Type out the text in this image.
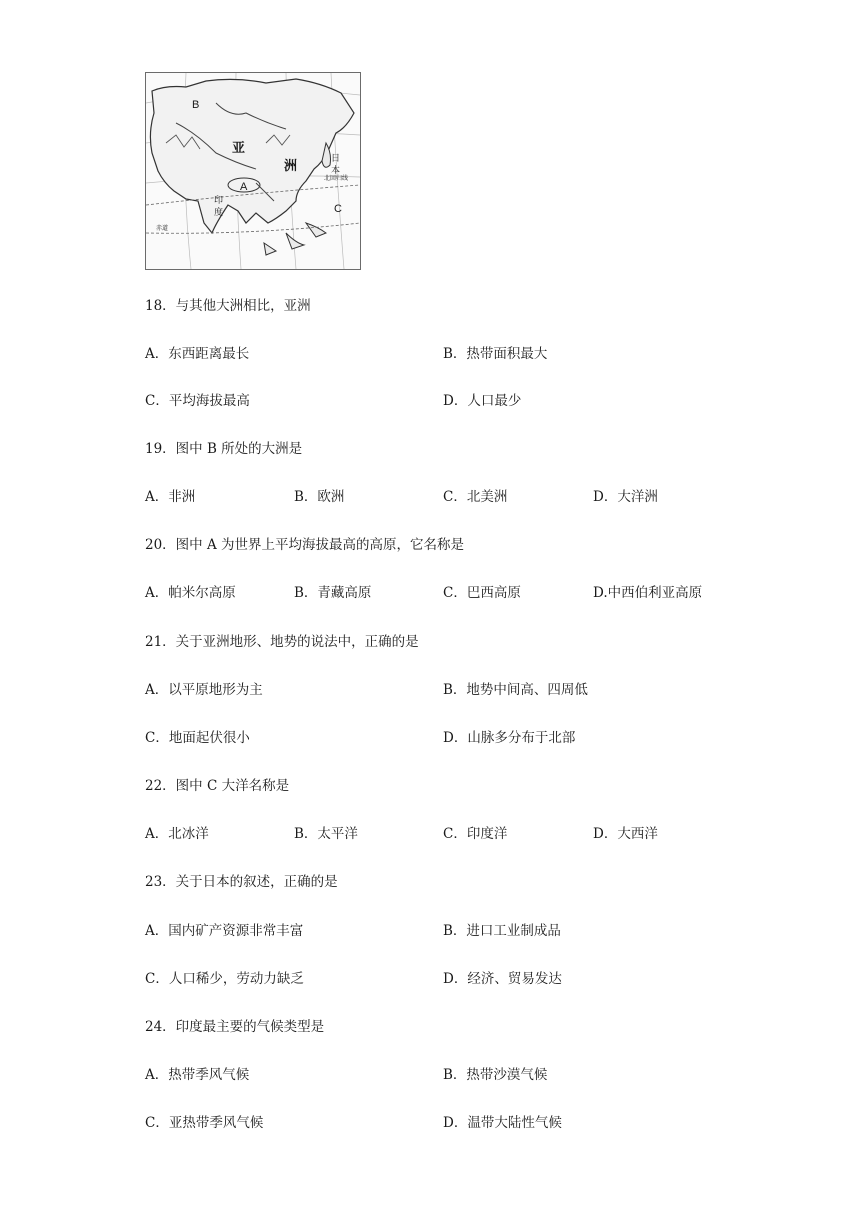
B
亚
洲
A
印
度
日
本
北回归线
C
赤道
18．与其他大洲相比，亚洲
A．东西距离最长	B．热带面积最大
C．平均海拔最高	D．人口最少
19．图中 B 所处的大洲是
A．非洲	B．欧洲	C．北美洲	D．大洋洲
20．图中 A 为世界上平均海拔最高的高原，它名称是
A．帕米尔高原	B．青藏高原	C．巴西高原	D.中西伯利亚高原
21．关于亚洲地形、地势的说法中，正确的是
A．以平原地形为主	B．地势中间高、四周低
C．地面起伏很小	D．山脉多分布于北部
22．图中 C 大洋名称是
A．北冰洋	B．太平洋	C．印度洋	D．大西洋
23．关于日本的叙述，正确的是
A．国内矿产资源非常丰富	B．进口工业制成品
C．人口稀少，劳动力缺乏	D．经济、贸易发达
24．印度最主要的气候类型是
A．热带季风气候	B．热带沙漠气候
C．亚热带季风气候	D．温带大陆性气候
